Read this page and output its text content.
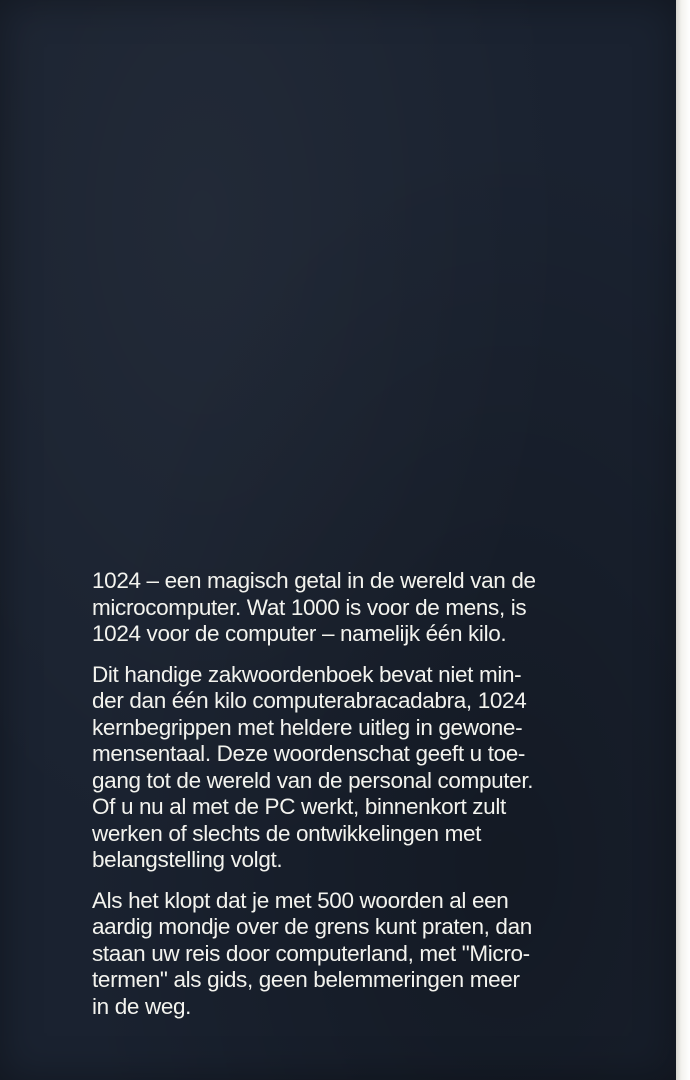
1024 – een magisch getal in de wereld van de
microcomputer. Wat 1000 is voor de mens, is
1024 voor de computer – namelijk één kilo.

Dit handige zakwoordenboek bevat niet min-
der dan één kilo computerabracadabra, 1024
kernbegrippen met heldere uitleg in gewone-
mensentaal. Deze woordenschat geeft u toe-
gang tot de wereld van de personal computer.
Of u nu al met de PC werkt, binnenkort zult
werken of slechts de ontwikkelingen met
belangstelling volgt.

Als het klopt dat je met 500 woorden al een
aardig mondje over de grens kunt praten, dan
staan uw reis door computerland, met "Micro-
termen" als gids, geen belemmeringen meer
in de weg.
